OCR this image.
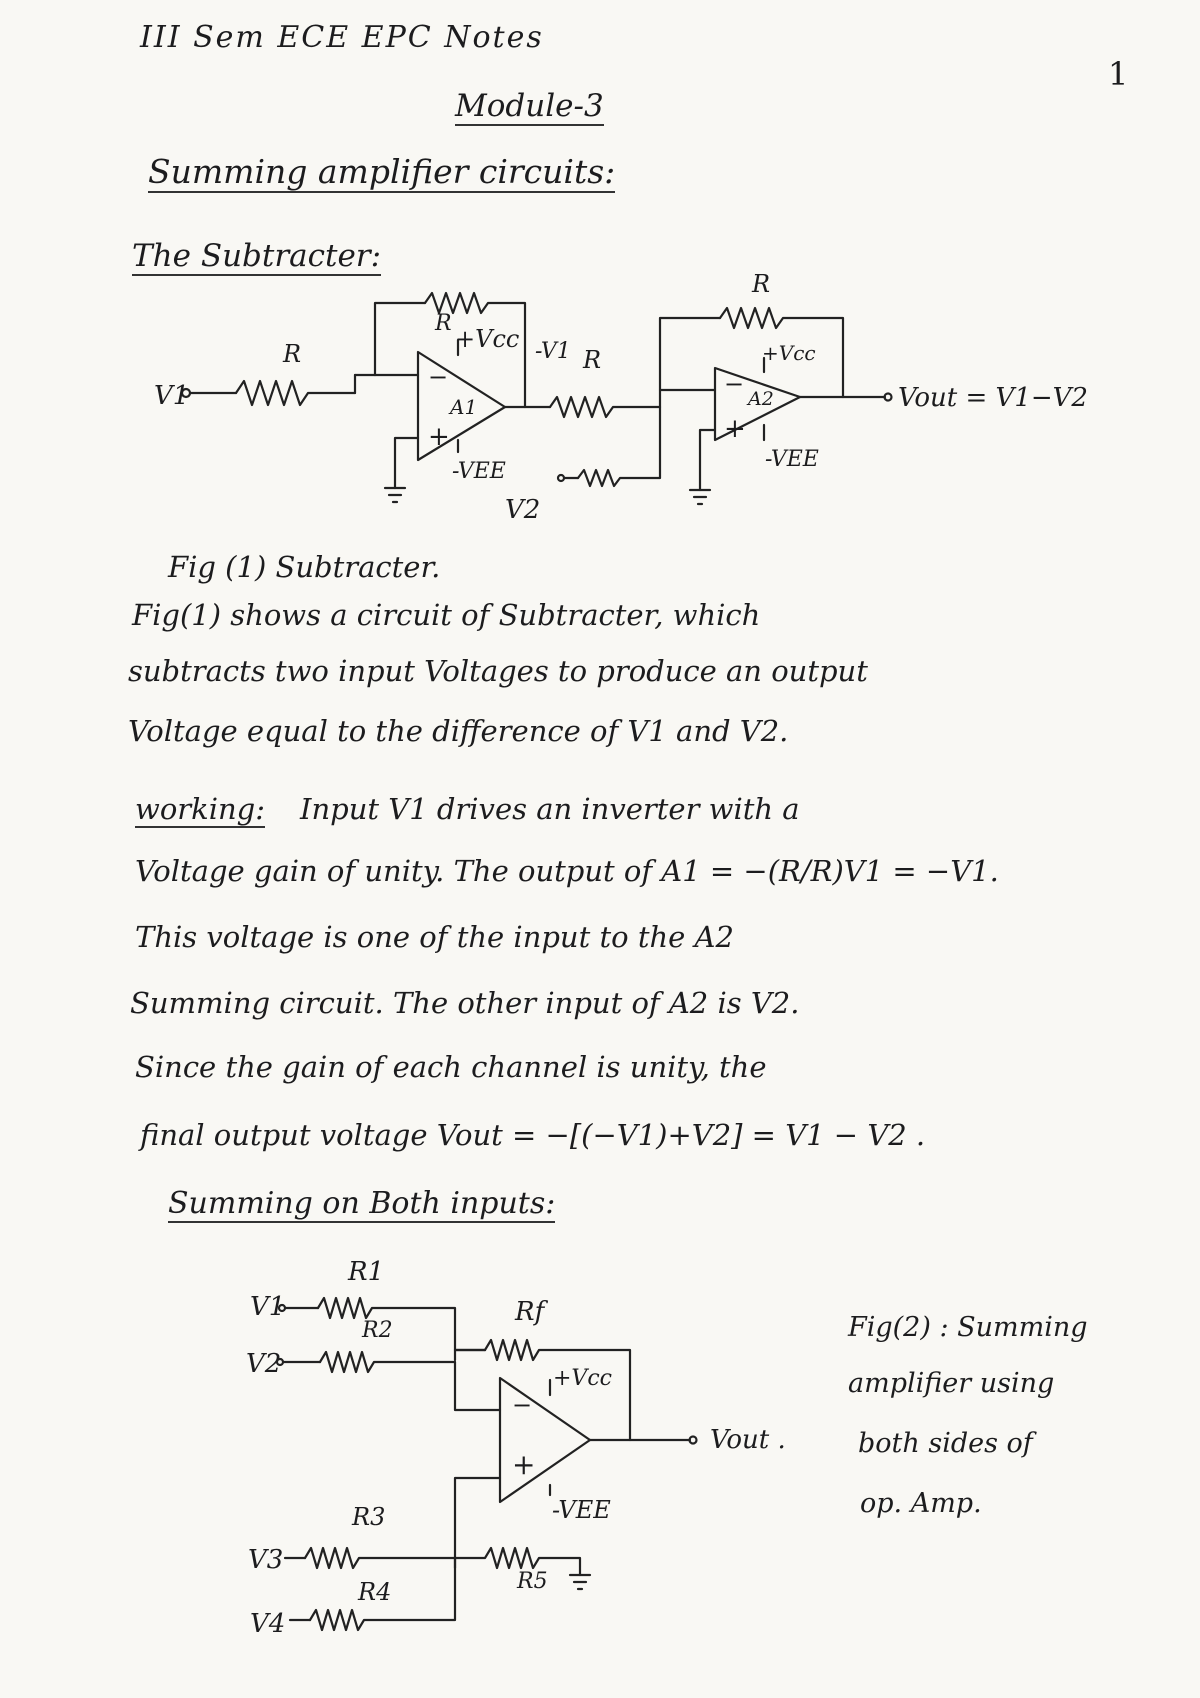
III Sem ECE EPC Notes
1
Module-3
Summing amplifier circuits:
The Subtracter:
V1
R
R
−
+
A1
+Vcc
-VEE
-V1 R
V2
R
−
+
A2
+Vcc
-VEE
Vout = V1−V2
Fig (1) Subtracter.
Fig(1) shows a circuit of Subtracter, which
subtracts two input Voltages to produce an output
Voltage equal to the difference of V1 and V2.
working: Input V1 drives an inverter with a
Voltage gain of unity. The output of A1 = −(R/R)V1 = −V1.
This voltage is one of the input to the A2
Summing circuit. The other input of A2 is V2.
Since the gain of each channel is unity, the
final output voltage Vout = −[(−V1)+V2] = V1 − V2 .
Summing on Both inputs:
R1
V1
R2
V2
Rf
−
+
+Vcc
-VEE
Vout .
R3
V3
R5
R4
V4
Fig(2) : Summing
amplifier using
both sides of
op. Amp.
